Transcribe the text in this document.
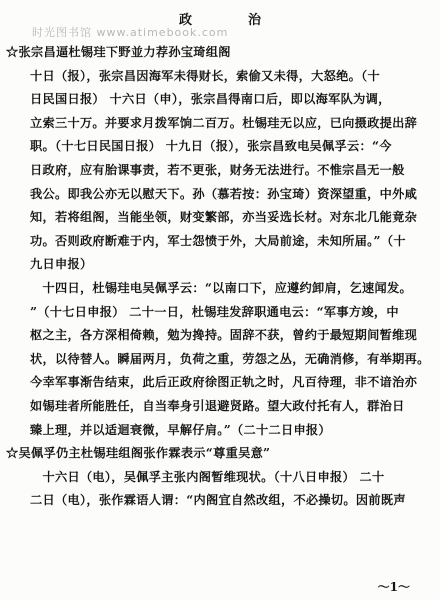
政治
时光图书馆 www.atimebook.com
☆张宗昌逼杜锡珪下野並力荐孙宝琦组阁
十日（报），张宗昌因海军未得财长，索偷又未得，大怒绝。（十
日民国日报） 十六日（申），张宗昌得南口后，即以海军队为调，
立索三十万。并要求月拨军饷二百万。杜锡珪无以应，已向摄政提出辞
职。（十七日民国日报） 十九日（报），张宗昌致电吴佩孚云：“今
日政府，应有胎课事责，若不更张，财务无法进行。不惟宗昌无一般
我公。即我公亦无以慰天下。孙（慕若按：孙宝琦）资深望重，中外咸
知，若将组阁，当能坐领，财变繁部，亦当妥选长材。对东北几能竟杂
功。否则政府断难于内，军士怨愤于外，大局前途，未知所届。”（十
九日申报）
　十四日，杜锡珪电吴佩孚云：“以南口下，应遵约卸肩，乞速闻发。
”（十七日申报） 二十一日，杜锡珪发辞职通电云：“军事方竣，中
枢之主，各方深相倚赖，勉为搀持。固辞不获，曾约于最短期间暂维现
状，以待替人。瞬届两月，负荷之重，劳怨之丛，无确消修，有举期再。
今幸军事渐告结束，此后正政府徐图正轨之时，凡百待理，非不谙治亦
如锡珪者所能胜任，自当奉身引退避贤路。望大政付托有人，群治日
臻上理，并以适迴衰微，早解仔肩。”（二十二日申报）
☆吴佩孚仍主杜锡珪组阁张作霖表示“尊重吴意”
　十六日（电），吴佩孚主张内阁暂维现状。（十八日申报） 二十
二日（电），张作霖语人谓：“内阁宜自然改组，不必操切。因前既声
～1～
